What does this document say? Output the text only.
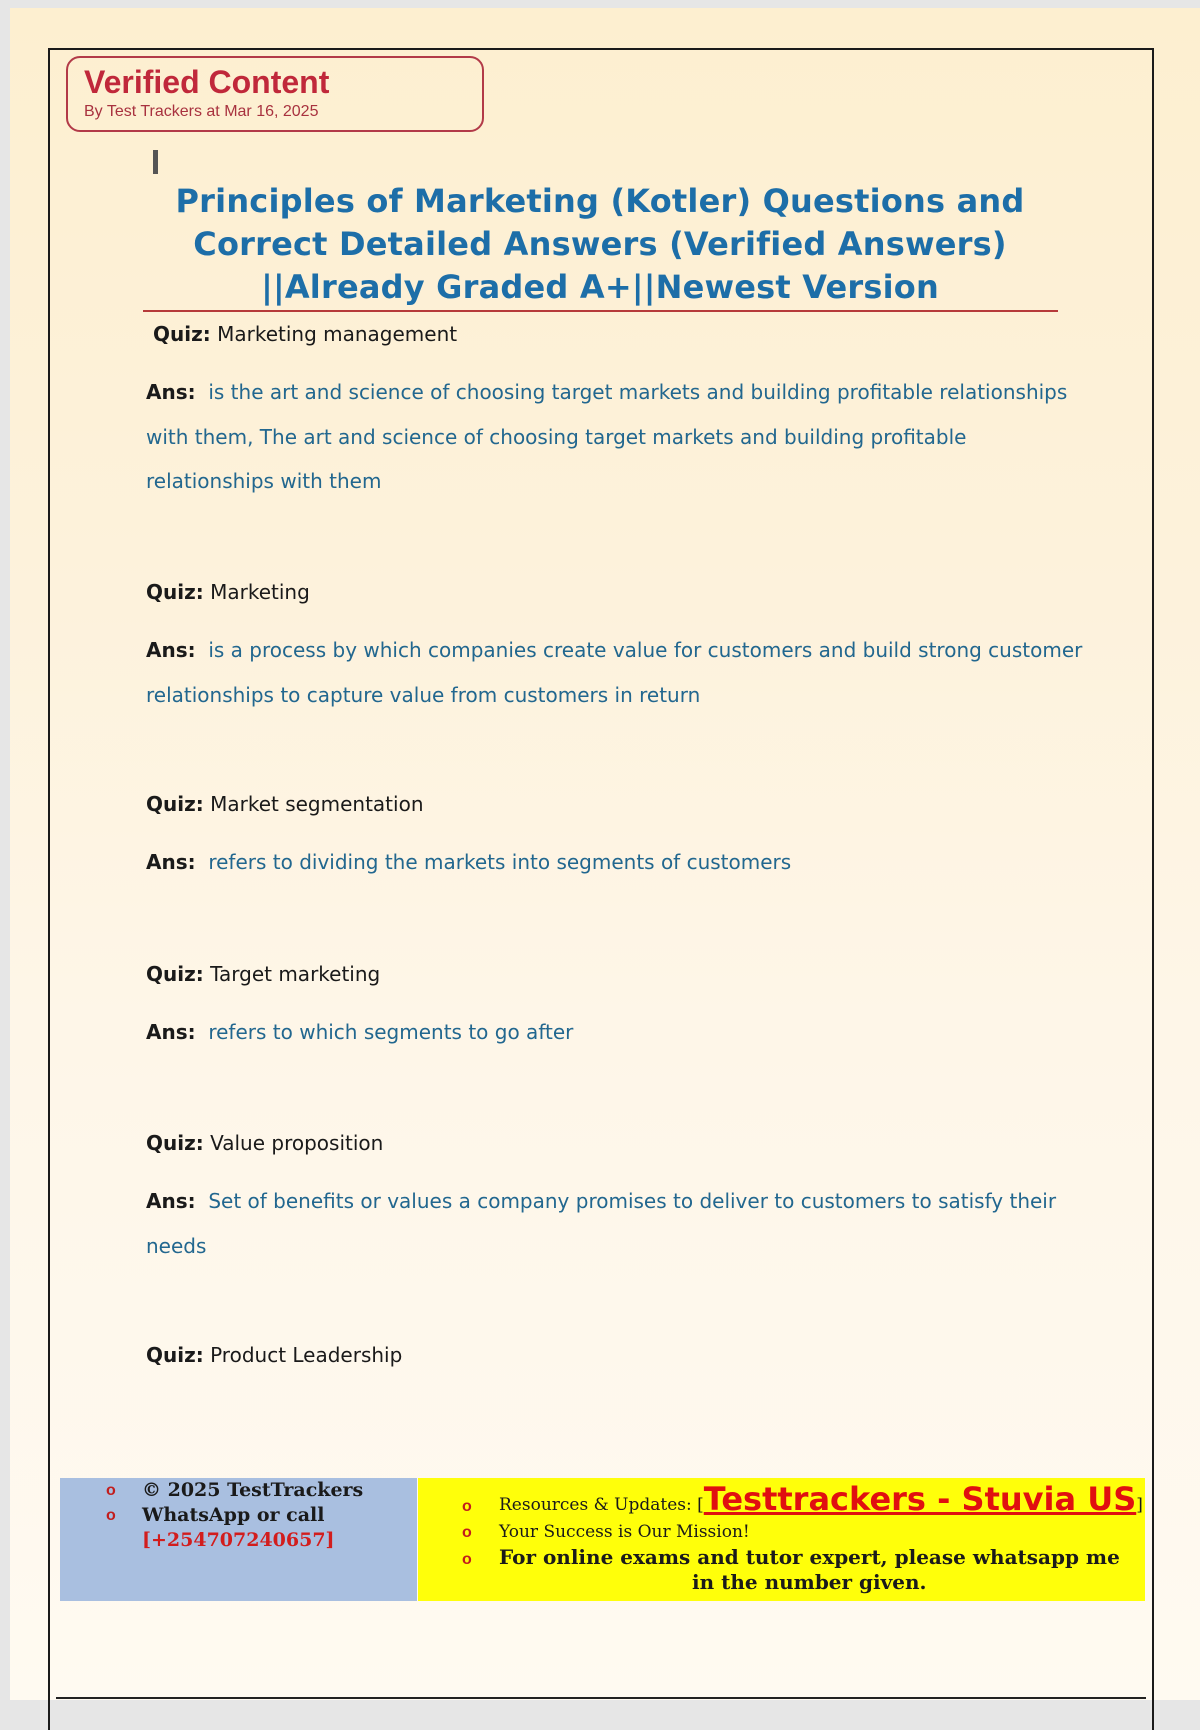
Verified Content
By Test Trackers at Mar 16, 2025
Principles of Marketing (Kotler) Questions and
Correct Detailed Answers (Verified Answers)
||Already Graded A+||Newest Version
Quiz: Marketing management
Ans: is the art and science of choosing target markets and building profitable relationships
with them, The art and science of choosing target markets and building profitable
relationships with them
Quiz: Marketing
Ans: is a process by which companies create value for customers and build strong customer
relationships to capture value from customers in return
Quiz: Market segmentation
Ans: refers to dividing the markets into segments of customers
Quiz: Target marketing
Ans: refers to which segments to go after
Quiz: Value proposition
Ans: Set of benefits or values a company promises to deliver to customers to satisfy their
needs
Quiz: Product Leadership
o © 2025 TestTrackers
o WhatsApp or call
[+254707240657]
o Resources & Updates: [Testtrackers - Stuvia US]
o Your Success is Our Mission!
o For online exams and tutor expert, please whatsapp me
in the number given.
